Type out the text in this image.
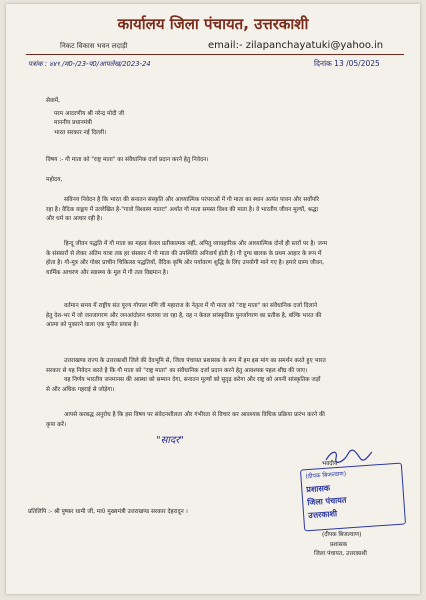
कार्यालय जिला पंचायत, उत्तरकाशी
निकट विकास भवन लदाड़ी	email:- zilapanchayatuki@yahoo.in
पत्रांक : ४४९ /म0-/23-प0/आपलेख/2023-24	दिनांक 13 /05/2025
सेवामें,
परम आदरणीय श्री नरेन्द्र मोदी जी
माननीय प्रधानमंत्री
भारत सरकार नई दिल्ली।
विषय :- गौ माता को "राष्ट्र माता" का संवैधानिक दर्जा प्रदान करने हेतु निवेदन।
महोदय,
सविनय निवेदन है कि भारत की सनातन संस्कृति और आध्यात्मिक परंपराओं में गौ माता का स्थान अत्यंत पावन और सर्वोपरि
रहा है। वैदिक वाङ्मय में उल्लेखित है-"गावो विश्वस्य मातरः" अर्थात गौ माता समस्त विश्व की माता है। वे भारतीय जीवन मूल्यों, श्रद्धा
और धर्म का आधार रही है।
हिन्दू जीवन पद्धति में गौ माता का महत्व केवल प्रतीकात्मक नहीं, अपितु व्यावहारिक और आध्यात्मिक दोनों ही स्तरों पर है। जन्म
के संस्कारों से लेकर अंतिम यात्रा तक हर संस्कार में गौ माता की उपस्थिति अनिवार्य होती है। गौ दुग्ध बालक के प्रथम आहार के रूप में
होता है। गौ-मूत्र और गोबर प्राचीन चिकित्सा पद्धतियों, वैदिक कृषि और पर्यावरण शुद्धि के लिए उपयोगी माने गए है। हमारे ग्राम्य जीवन,
धार्मिक आचरण और स्वास्थ्य के मूल में गौ तत्व विद्यमान है।
वर्तमान समय में राष्ट्रीय संत पूज्य गोपाल मणि जी महाराज के नेतृत्व में गौ माता को "राष्ट्र माता" का संवैधानिक दर्जा दिलाने
हेतु देश-भर में जो जनजागरण और जनआंदोलन चलाया जा रहा है, वह न केवल सांस्कृतिक पुनर्जागरण का प्रतीक है, बल्कि भारत की
आत्मा को पुकारने वाला एक पुनीत प्रयास है।
उत्तराखण्ड राज्य के उत्तरकाशी जिले की देवभूमि से, जिला पंचायत प्रशासक के रूप में हम इस मांग का समर्थन करते हुए भारत
सरकार से यह निवेदन करते है कि गौ माता को "राष्ट्र माता" का संवैधानिक दर्जा प्रदान करने हेतु आवश्यक पहल शीघ्र की जाए।
यह निर्णय भारतीय जनमानस की आस्था को सम्मान देगा, सनातन मूल्यों को सुदृढ़ करेगा और राष्ट्र को अपनी सांस्कृतिक जड़ों
से और अधिक गहराई से जोड़ेगा।
आपसे करबद्ध अनुरोध है कि इस विषय पर संवेदनशीलता और गंभीरता से विचार कर आवश्यक विधिक प्रक्रिया प्रारंभ करने की
कृपा करें।
"सादर"
भवदीय
(दीपक बिजल्वाण)
प्रशासक
जिला पंचायत
उत्तरकाशी
(दीपक बिजल्वाण)
प्रशासक
जिला पंचायत, उत्तरकाशी
प्रतिलिपि :- श्री पुष्कर धामी जी, मा0 मुख्यमंत्री उत्तराखण्ड सरकार देहरादून ।
